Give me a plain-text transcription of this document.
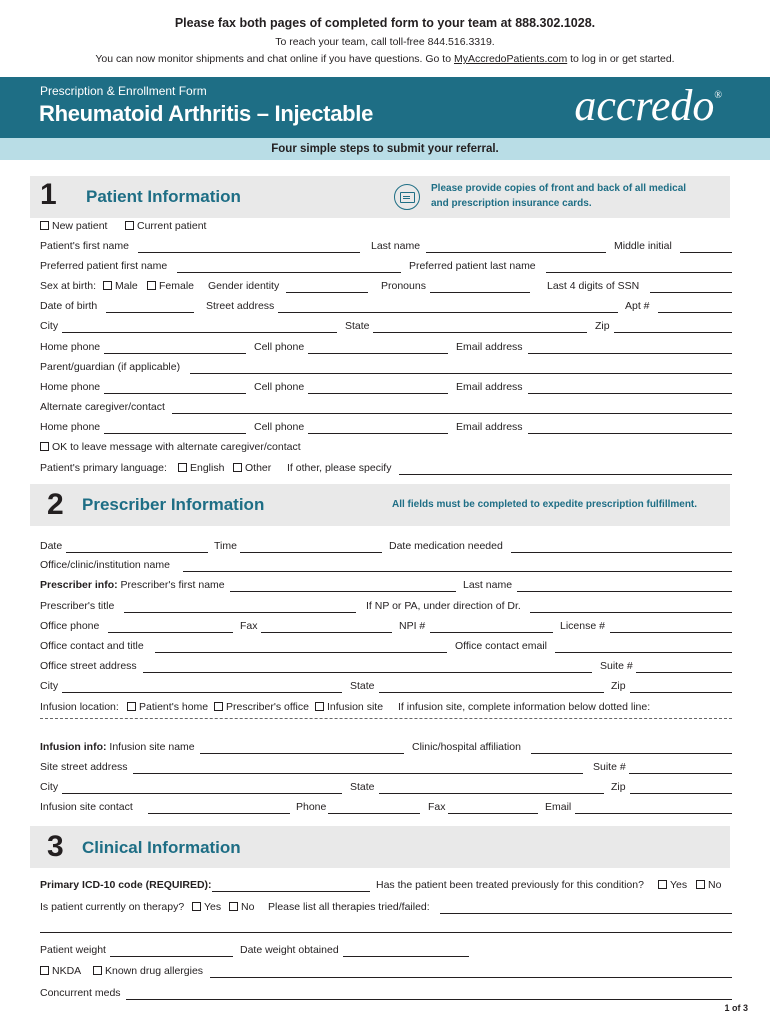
Please fax both pages of completed form to your team at 888.302.1028.
To reach your team, call toll-free 844.516.3319.
You can now monitor shipments and chat online if you have questions. Go to MyAccredoPatients.com to log in or get started.
Prescription & Enrollment Form
Rheumatoid Arthritis – Injectable	accredo®
Four simple steps to submit your referral.
1 Patient Information	Please provide copies of front and back of all medical
and prescription insurance cards.
New patient	Current patient
Patient's first name	Last name	Middle initial
Preferred patient first name	Preferred patient last name
Sex at birth:	Male	Female Gender identity	Pronouns	Last 4 digits of SSN
Date of birth	Street address	Apt #
City	State	Zip
Home phone	Cell phone	Email address
Parent/guardian (if applicable)
Home phone	Cell phone	Email address
Alternate caregiver/contact
Home phone	Cell phone	Email address
OK to leave message with alternate caregiver/contact
Patient's primary language:	English	Other If other, please specify
2 Prescriber Information	All fields must be completed to expedite prescription fulfillment.
Date	Time	Date medication needed
Office/clinic/institution name
Prescriber info: Prescriber's first name	Last name
Prescriber's title	If NP or PA, under direction of Dr.
Office phone	Fax	NPI #	License #
Office contact and title	Office contact email
Office street address	Suite #
City	State	Zip
Infusion location:	Patient's home	Prescriber's office	Infusion site If infusion site, complete information below dotted line:
Infusion info: Infusion site name	Clinic/hospital affiliation
Site street address	Suite #
City	State	Zip
Infusion site contact	Phone	Fax	Email
3 Clinical Information
Primary ICD-10 code (REQUIRED):	Has the patient been treated previously for this condition?	Yes	No
Is patient currently on therapy?	Yes	No Please list all therapies tried/failed:
Patient weight	Date weight obtained
NKDA	Known drug allergies
Concurrent meds
1 of 3
